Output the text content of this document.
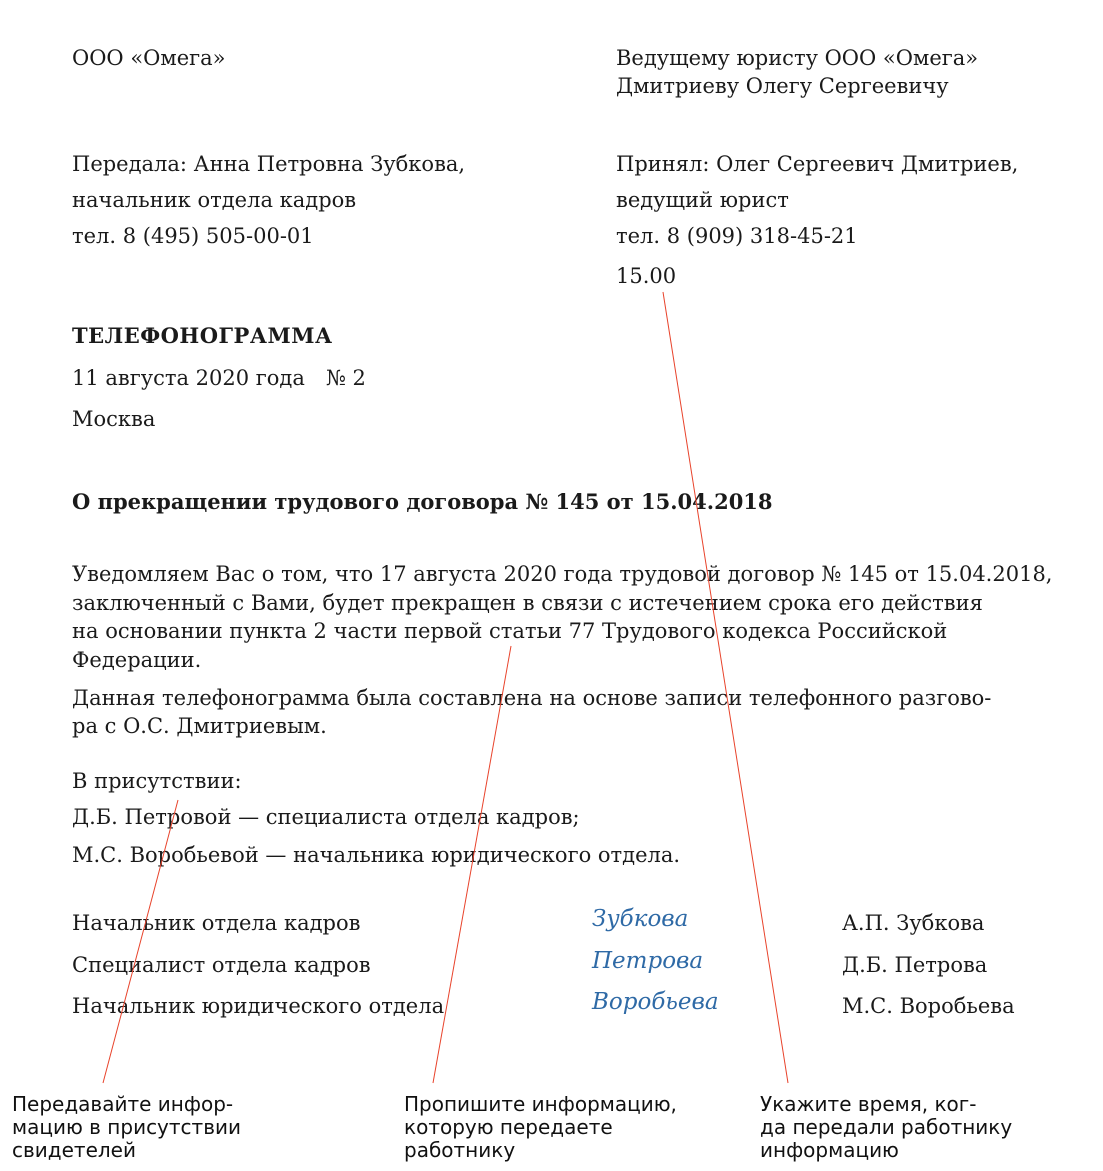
ООО «Омега»	Ведущему юристу ООО «Омега»
Дмитриеву Олегу Сергеевичу
Передала: Анна Петровна Зубкова,
начальник отдела кадров
тел. 8 (495) 505-00-01
Принял: Олег Сергеевич Дмитриев,
ведущий юрист
тел. 8 (909) 318-45-21
15.00
ТЕЛЕФОНОГРАММА
11 августа 2020 года № 2
Москва
О прекращении трудового договора № 145 от 15.04.2018
Уведомляем Вас о том, что 17 августа 2020 года трудовой договор № 145 от 15.04.2018,
заключенный с Вами, будет прекращен в связи с истечением срока его действия
на основании пункта 2 части первой статьи 77 Трудового кодекса Российской
Федерации.
Данная телефонограмма была составлена на основе записи телефонного разгово-
ра с О.С. Дмитриевым.
В присутствии:
Д.Б. Петровой — специалиста отдела кадров;
М.С. Воробьевой — начальника юридического отдела.
Начальник отдела кадров	Зубкова	А.П. Зубкова
Специалист отдела кадров	Петрова	Д.Б. Петрова
Начальник юридического отдела	Воробьева	М.С. Воробьева
Передавайте инфор-
мацию в присутствии
свидетелей
Пропишите информацию,
которую передаете
работнику
Укажите время, ког-
да передали работнику
информацию
